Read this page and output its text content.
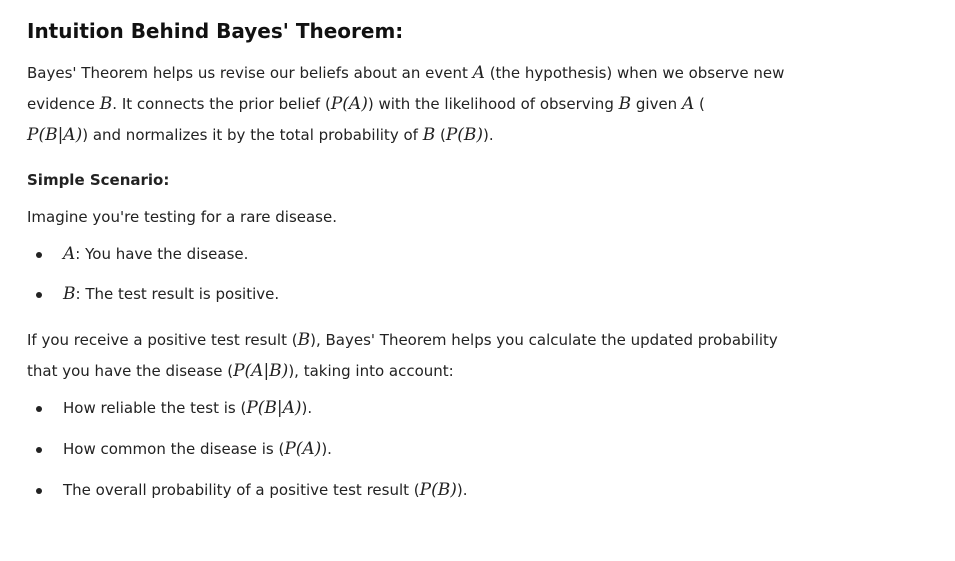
Intuition Behind Bayes' Theorem:

Bayes' Theorem helps us revise our beliefs about an event A (the hypothesis) when we observe new
evidence B. It connects the prior belief (P(A)) with the likelihood of observing B given A (
P(B|A)) and normalizes it by the total probability of B (P(B)).

Simple Scenario:

Imagine you're testing for a rare disease.

A: You have the disease.
B: The test result is positive.

If you receive a positive test result (B), Bayes' Theorem helps you calculate the updated probability
that you have the disease (P(A|B)), taking into account:

How reliable the test is (P(B|A)).
How common the disease is (P(A)).
The overall probability of a positive test result (P(B)).
